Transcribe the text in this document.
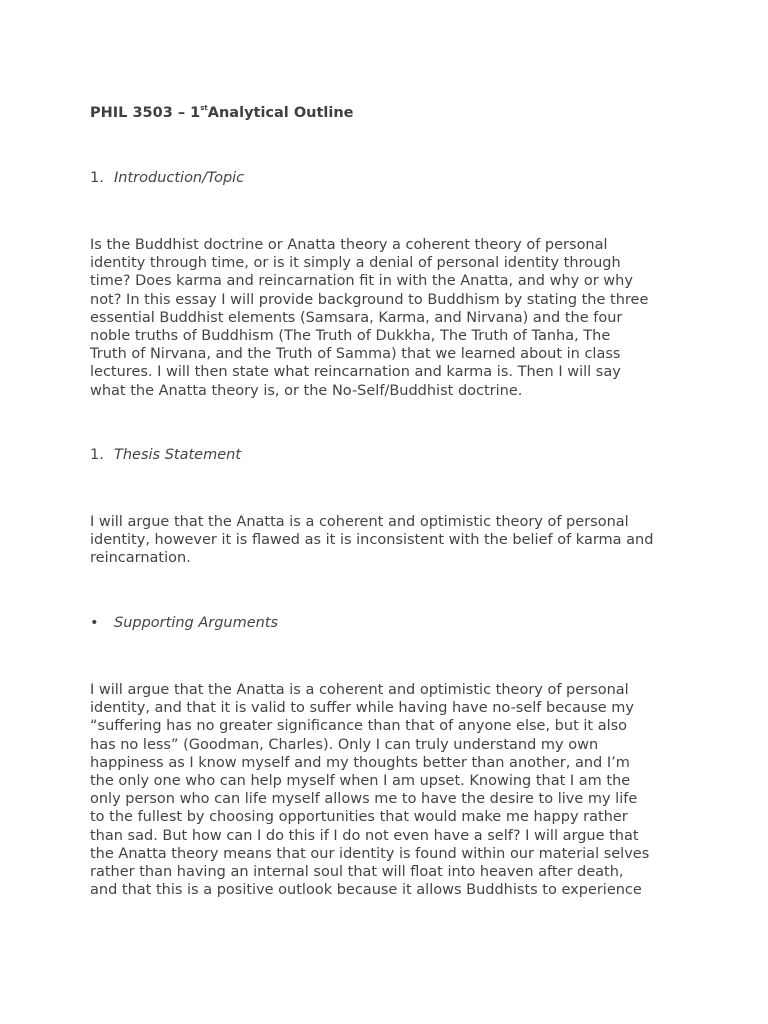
PHIL 3503 – 1stAnalytical Outline
1. Introduction/Topic
Is the Buddhist doctrine or Anatta theory a coherent theory of personal
identity through time, or is it simply a denial of personal identity through
time? Does karma and reincarnation fit in with the Anatta, and why or why
not? In this essay I will provide background to Buddhism by stating the three
essential Buddhist elements (Samsara, Karma, and Nirvana) and the four
noble truths of Buddhism (The Truth of Dukkha, The Truth of Tanha, The
Truth of Nirvana, and the Truth of Samma) that we learned about in class
lectures. I will then state what reincarnation and karma is. Then I will say
what the Anatta theory is, or the No-Self/Buddhist doctrine.
1. Thesis Statement
I will argue that the Anatta is a coherent and optimistic theory of personal
identity, however it is flawed as it is inconsistent with the belief of karma and
reincarnation.
• Supporting Arguments
I will argue that the Anatta is a coherent and optimistic theory of personal
identity, and that it is valid to suffer while having have no-self because my
“suffering has no greater significance than that of anyone else, but it also
has no less” (Goodman, Charles). Only I can truly understand my own
happiness as I know myself and my thoughts better than another, and I’m
the only one who can help myself when I am upset. Knowing that I am the
only person who can life myself allows me to have the desire to live my life
to the fullest by choosing opportunities that would make me happy rather
than sad. But how can I do this if I do not even have a self? I will argue that
the Anatta theory means that our identity is found within our material selves
rather than having an internal soul that will float into heaven after death,
and that this is a positive outlook because it allows Buddhists to experience
